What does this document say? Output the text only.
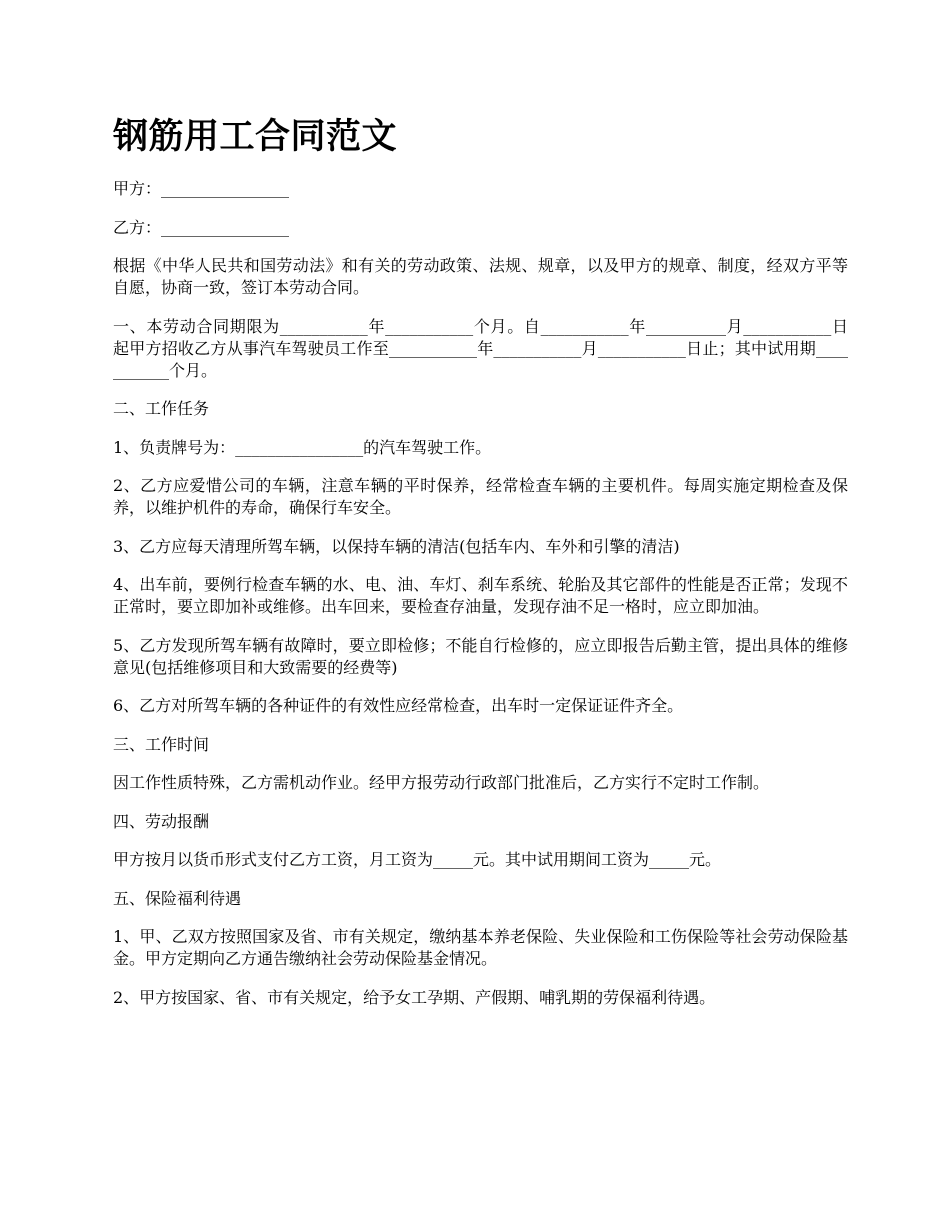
钢筋用工合同范文

甲方：________________

乙方：________________

根据《中华人民共和国劳动法》和有关的劳动政策、法规、规章，以及甲方的规章、制度，经双方平等自愿，协商一致，签订本劳动合同。

一、本劳动合同期限为___________年___________个月。自___________年__________月___________日起甲方招收乙方从事汽车驾驶员工作至___________年___________月___________日止；其中试用期___________个月。

二、工作任务

1、负责牌号为：________________的汽车驾驶工作。

2、乙方应爱惜公司的车辆，注意车辆的平时保养，经常检查车辆的主要机件。每周实施定期检查及保养，以维护机件的寿命，确保行车安全。

3、乙方应每天清理所驾车辆，以保持车辆的清洁(包括车内、车外和引擎的清洁)

4、出车前，要例行检查车辆的水、电、油、车灯、刹车系统、轮胎及其它部件的性能是否正常；发现不正常时，要立即加补或维修。出车回来，要检查存油量，发现存油不足一格时，应立即加油。

5、乙方发现所驾车辆有故障时，要立即检修；不能自行检修的，应立即报告后勤主管，提出具体的维修意见(包括维修项目和大致需要的经费等)

6、乙方对所驾车辆的各种证件的有效性应经常检查，出车时一定保证证件齐全。

三、工作时间

因工作性质特殊，乙方需机动作业。经甲方报劳动行政部门批准后，乙方实行不定时工作制。

四、劳动报酬

甲方按月以货币形式支付乙方工资，月工资为_____元。其中试用期间工资为_____元。

五、保险福利待遇

1、甲、乙双方按照国家及省、市有关规定，缴纳基本养老保险、失业保险和工伤保险等社会劳动保险基金。甲方定期向乙方通告缴纳社会劳动保险基金情况。

2、甲方按国家、省、市有关规定，给予女工孕期、产假期、哺乳期的劳保福利待遇。
